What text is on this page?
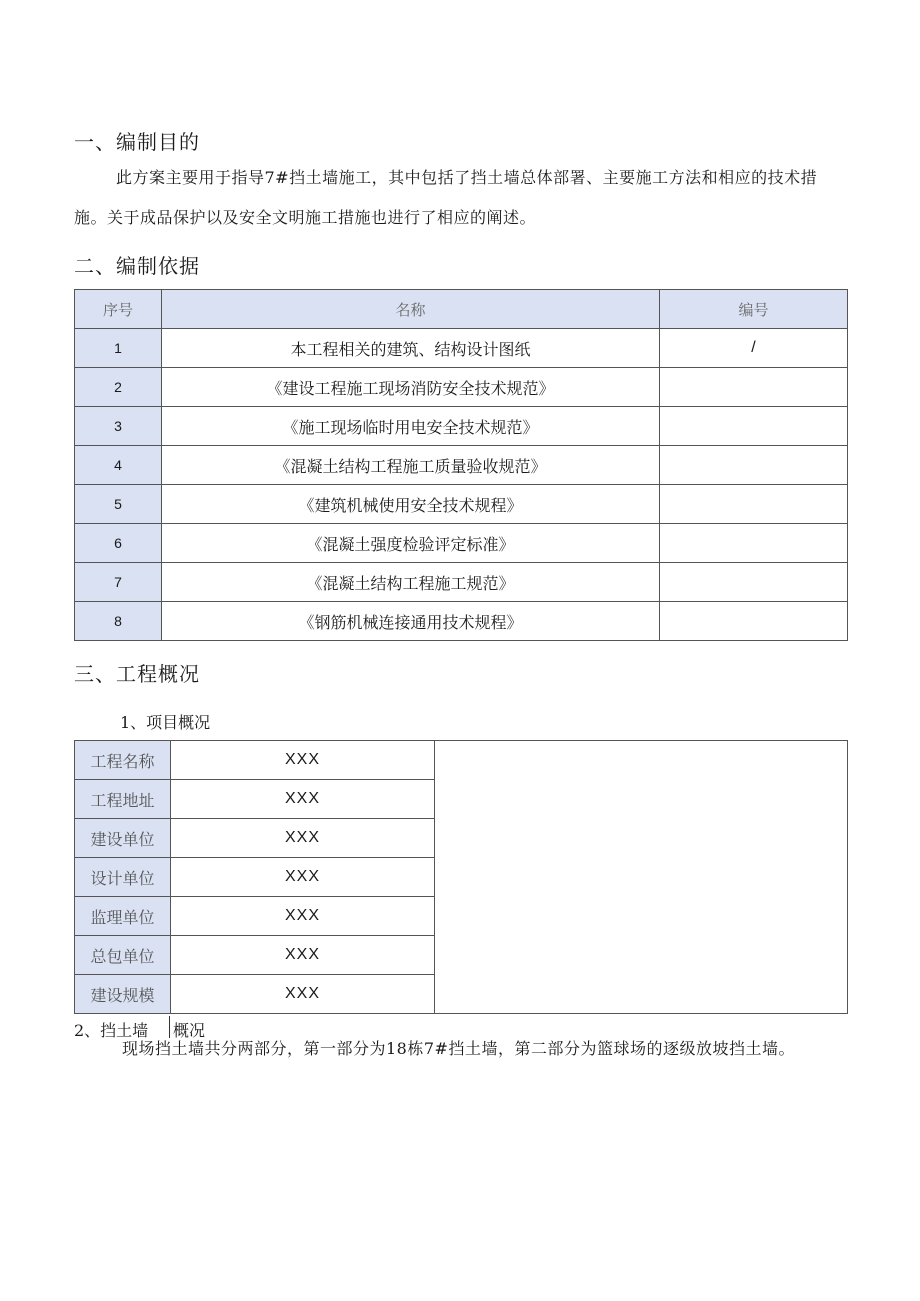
一、编制目的

此方案主要用于指导7#挡土墙施工，其中包括了挡土墙总体部署、主要施工方法和相应的技术措施。关于成品保护以及安全文明施工措施也进行了相应的阐述。

二、编制依据
序号	名称	编号
1	本工程相关的建筑、结构设计图纸	/
2	《建设工程施工现场消防安全技术规范》	
3	《施工现场临时用电安全技术规范》	
4	《混凝土结构工程施工质量验收规范》	
5	《建筑机械使用安全技术规程》	
6	《混凝土强度检验评定标准》	
7	《混凝土结构工程施工规范》	
8	《钢筋机械连接通用技术规程》	
三、工程概况

1、项目概况

工程名称	XXX	
工程地址	XXX	
建设单位	XXX	
设计单位	XXX	
监理单位	XXX	
总包单位	XXX	
建设规模	XXX	

2、挡土墙 概况

现场挡土墙共分两部分，第一部分为18栋7#挡土墙，第二部分为篮球场的逐级放坡挡土墙。
